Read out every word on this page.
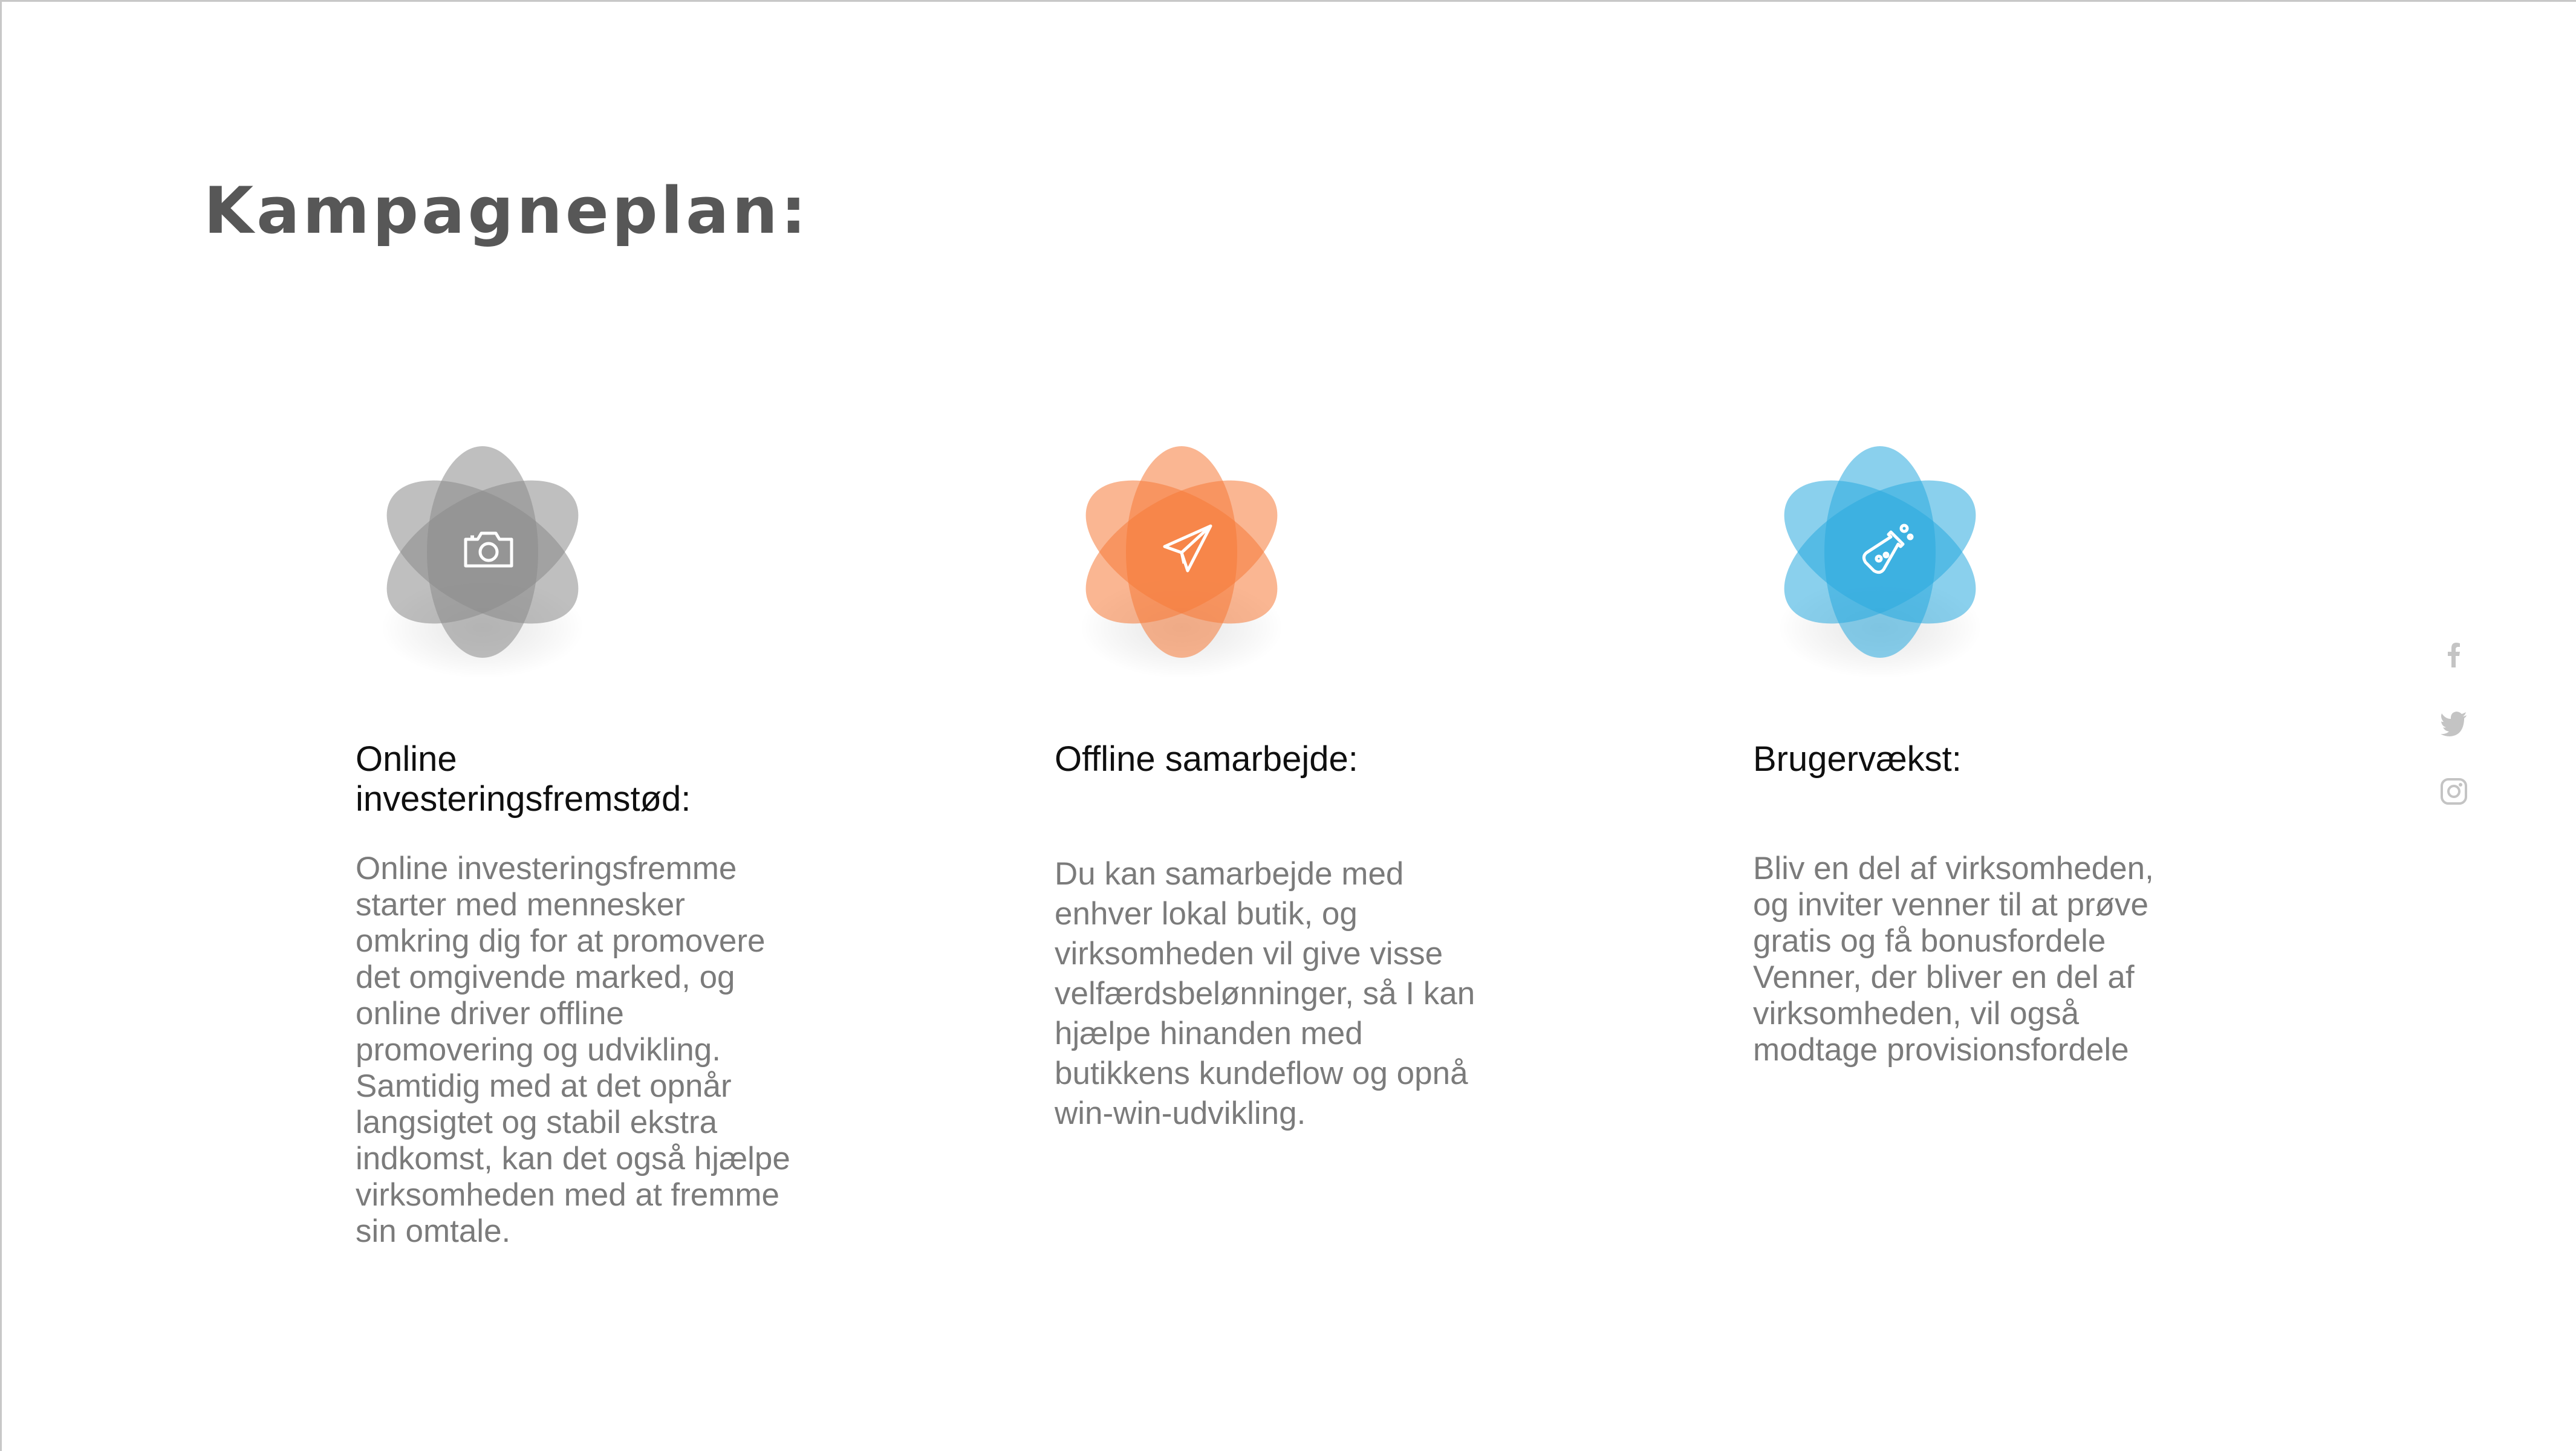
Kampagneplan:
Online investeringsfremstød:
Online investeringsfremme starter med mennesker omkring dig for at promovere det omgivende marked, og online driver offline promovering og udvikling. Samtidig med at det opnår langsigtet og stabil ekstra indkomst, kan det også hjælpe virksomheden med at fremme sin omtale.
Offline samarbejde:
Du kan samarbejde med enhver lokal butik, og virksomheden vil give visse velfærdsbelønninger, så I kan hjælpe hinanden med butikkens kundeflow og opnå win-win-udvikling.
Brugervækst:
Bliv en del af virksomheden, og inviter venner til at prøve gratis og få bonusfordele Venner, der bliver en del af virksomheden, vil også modtage provisionsfordele
